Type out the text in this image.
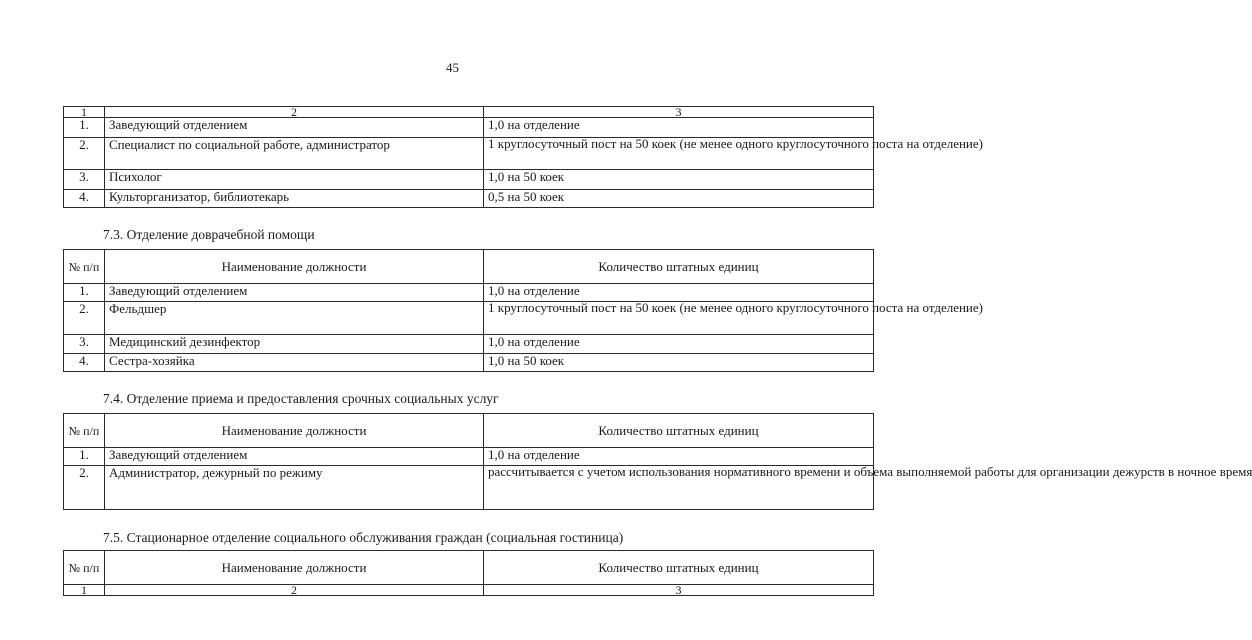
45
1	2	3
1.	Заведующий отделением	1,0 на отделение
2.	Специалист по социальной работе, администратор	1 круглосуточный пост на 50 коек (не менее одного круглосуточного поста на отделение)
3.	Психолог	1,0 на 50 коек
4.	Культорганизатор, библиотекарь	0,5 на 50 коек
7.3. Отделение доврачебной помощи
№ п/п	Наименование должности	Количество штатных единиц
1.	Заведующий отделением	1,0 на отделение
2.	Фельдшер	1 круглосуточный пост на 50 коек (не менее одного круглосуточного поста на отделение)
3.	Медицинский дезинфектор	1,0 на отделение
4.	Сестра-хозяйка	1,0 на 50 коек
7.4. Отделение приема и предоставления срочных социальных услуг
№ п/п	Наименование должности	Количество штатных единиц
1.	Заведующий отделением	1,0 на отделение
2.	Администратор, дежурный по режиму	рассчитывается с учетом использования нормативного времени и объема выполняемой работы для организации дежурств в ночное время
7.5. Стационарное отделение социального обслуживания граждан (социальная гостиница)
№ п/п	Наименование должности	Количество штатных единиц
1	2	3
